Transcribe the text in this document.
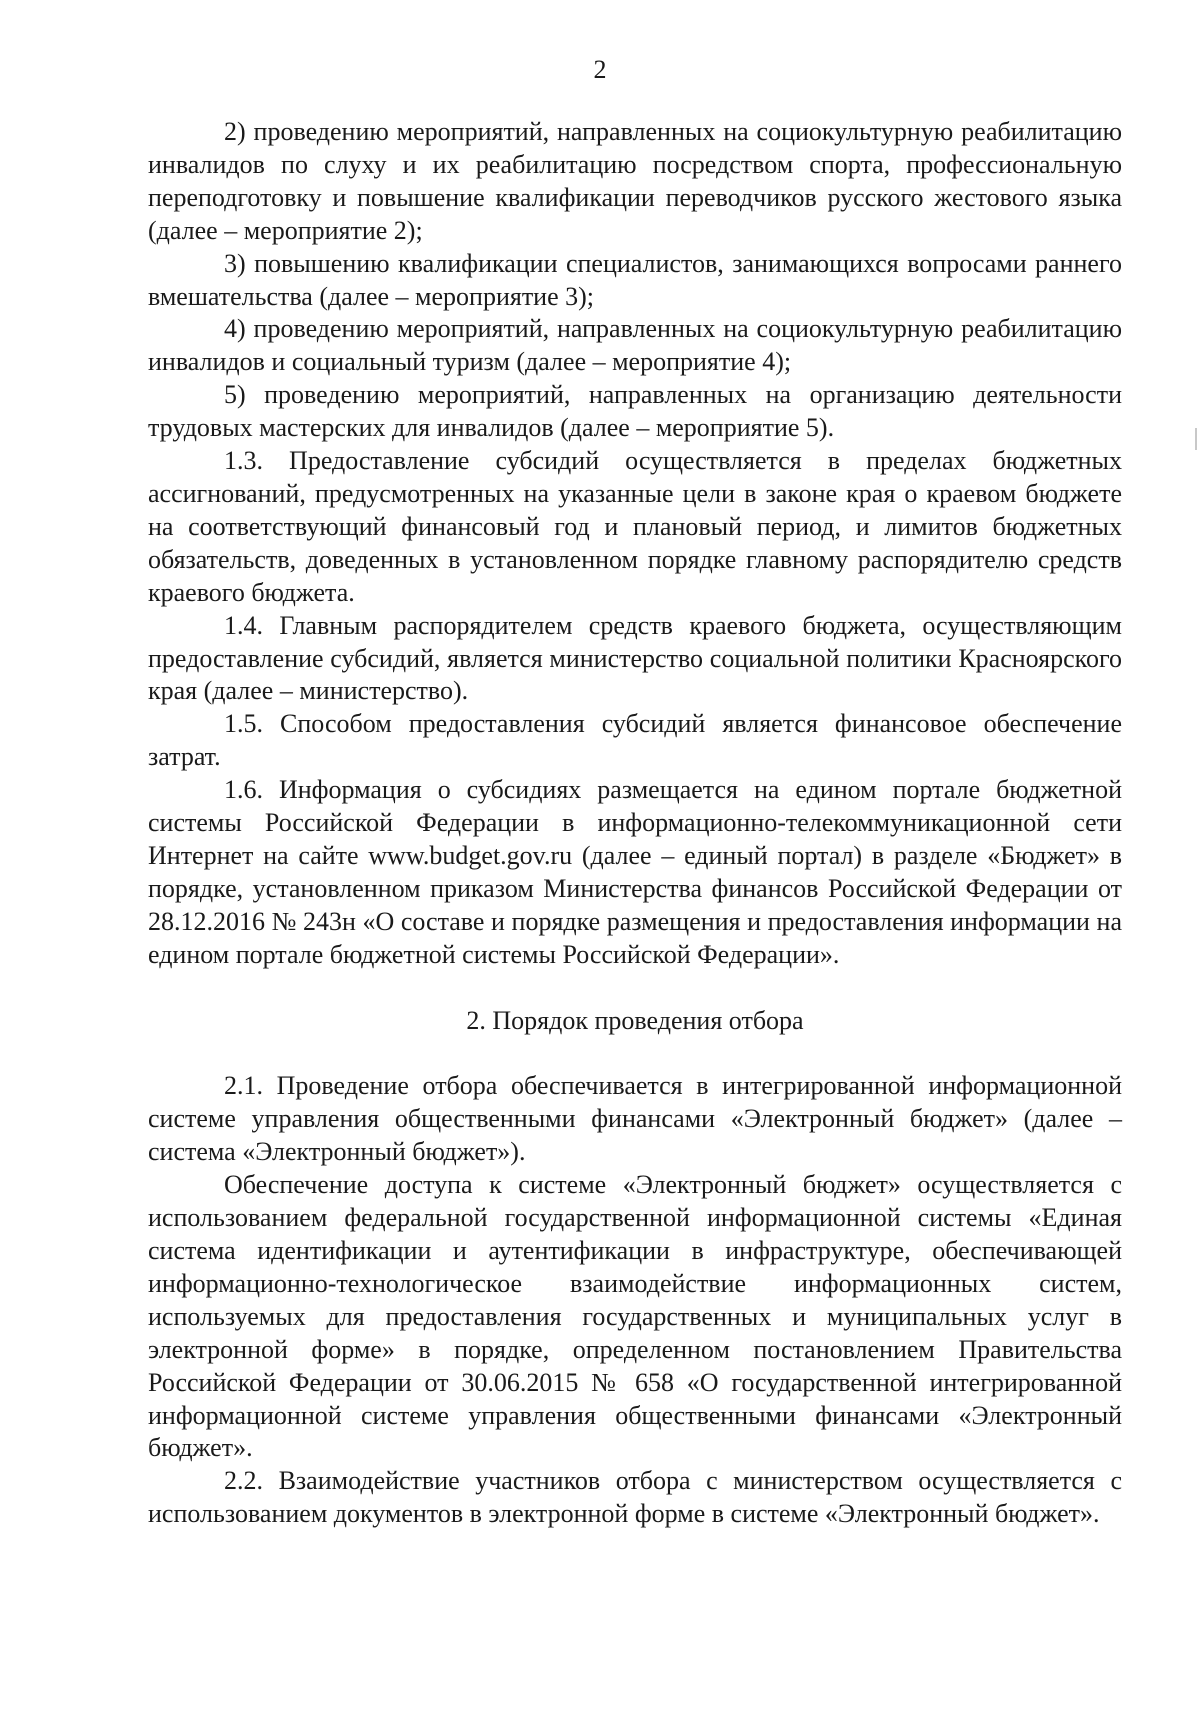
2

2) проведению мероприятий, направленных на социокультурную реабилитацию инвалидов по слуху и их реабилитацию посредством спорта, профессиональную переподготовку и повышение квалификации переводчиков русского жестового языка (далее – мероприятие 2);

3) повышению квалификации специалистов, занимающихся вопросами раннего вмешательства (далее – мероприятие 3);

4) проведению мероприятий, направленных на социокультурную реабилитацию инвалидов и социальный туризм (далее – мероприятие 4);

5) проведению мероприятий, направленных на организацию деятельности трудовых мастерских для инвалидов (далее – мероприятие 5).

1.3. Предоставление субсидий осуществляется в пределах бюджетных ассигнований, предусмотренных на указанные цели в законе края о краевом бюджете на соответствующий финансовый год и плановый период, и лимитов бюджетных обязательств, доведенных в установленном порядке главному распорядителю средств краевого бюджета.

1.4. Главным распорядителем средств краевого бюджета, осуществляющим предоставление субсидий, является министерство социальной политики Красноярского края (далее – министерство).

1.5. Способом предоставления субсидий является финансовое обеспечение затрат.

1.6. Информация о субсидиях размещается на едином портале бюджетной системы Российской Федерации в информационно-телекоммуникационной сети Интернет на сайте www.budget.gov.ru (далее – единый портал) в разделе «Бюджет» в порядке, установленном приказом Министерства финансов Российской Федерации от 28.12.2016 № 243н «О составе и порядке размещения и предоставления информации на едином портале бюджетной системы Российской Федерации».

2. Порядок проведения отбора

2.1. Проведение отбора обеспечивается в интегрированной информационной системе управления общественными финансами «Электронный бюджет» (далее – система «Электронный бюджет»).

Обеспечение доступа к системе «Электронный бюджет» осуществляется с использованием федеральной государственной информационной системы «Единая система идентификации и аутентификации в инфраструктуре, обеспечивающей информационно-технологическое взаимодействие информационных систем, используемых для предоставления государственных и муниципальных услуг в электронной форме» в порядке, определенном постановлением Правительства Российской Федерации от 30.06.2015 № 658 «О государственной интегрированной информационной системе управления общественными финансами «Электронный бюджет».

2.2. Взаимодействие участников отбора с министерством осуществляется с использованием документов в электронной форме в системе «Электронный бюджет».
